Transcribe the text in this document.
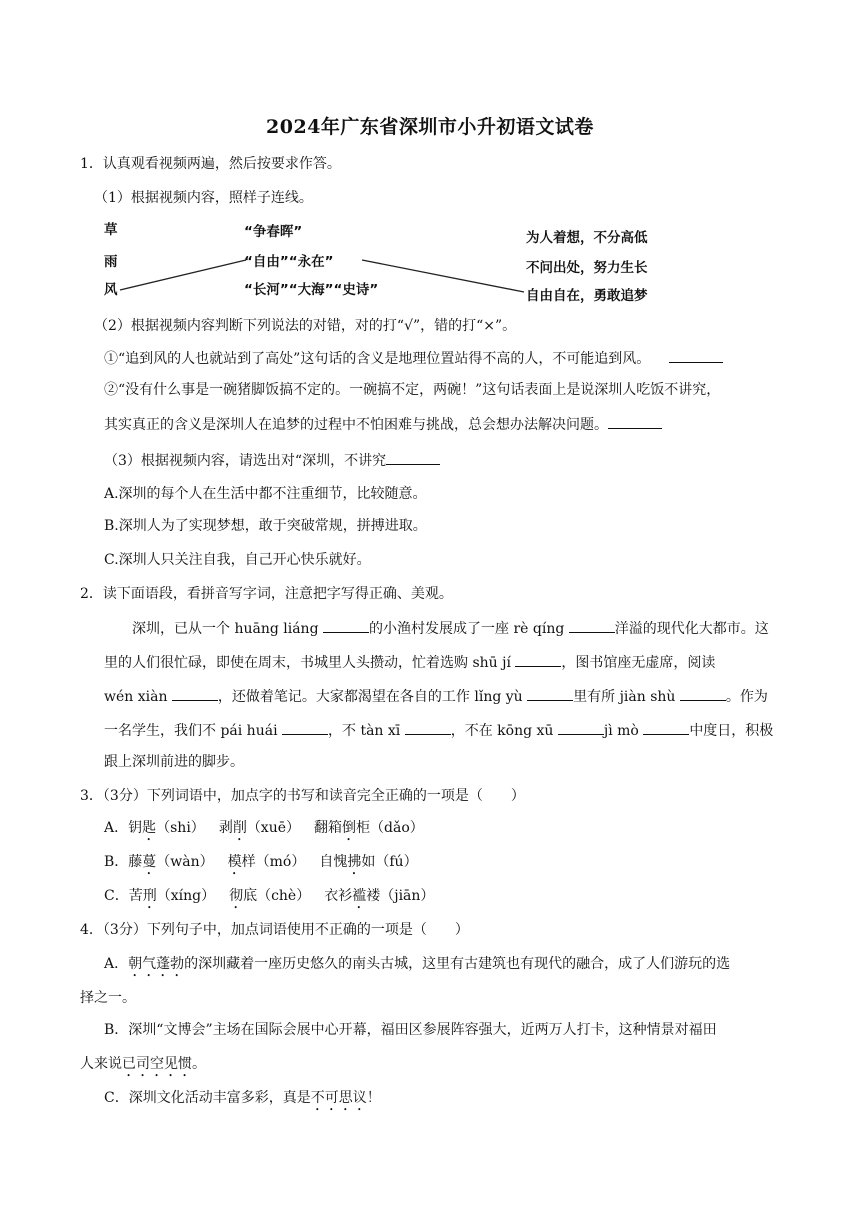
2024年广东省深圳市小升初语文试卷
1．认真观看视频两遍，然后按要求作答。
（1）根据视频内容，照样子连线。
草
雨
风
“争春晖”
“自由”“永在”
“长河”“大海”“史诗”
为人着想，不分高低
不问出处，努力生长
自由自在，勇敢追梦
（2）根据视频内容判断下列说法的对错，对的打“√”，错的打“×”。
①“追到风的人也就站到了高处”这句话的含义是地理位置站得不高的人，不可能追到风。
②“没有什么事是一碗猪脚饭搞不定的。一碗搞不定，两碗！”这句话表面上是说深圳人吃饭不讲究，
其实真正的含义是深圳人在追梦的过程中不怕困难与挑战，总会想办法解决问题。
（3）根据视频内容，请选出对“深圳，不讲究
A.深圳的每个人在生活中都不注重细节，比较随意。
B.深圳人为了实现梦想，敢于突破常规，拼搏进取。
C.深圳人只关注自我，自己开心快乐就好。
2．读下面语段，看拼音写字词，注意把字写得正确、美观。
深圳，已从一个 huāng liáng	的小渔村发展成了一座 rè qíng	洋溢的现代化大都市。这
里的人们很忙碌，即使在周末，书城里人头攒动，忙着选购 shū jí	，图书馆座无虚席，阅读
wén xiàn	，还做着笔记。大家都渴望在各自的工作 lǐng yù	里有所 jiàn shù	。作为
一名学生，我们不 pái huái	，不 tàn xī	，不在 kōng xū	jì mò	中度日，积极
跟上深圳前进的脚步。
3．（3分）下列词语中，加点字的书写和读音完全正确的一项是（　　）
A．钥匙（shi） 剥削（xuē） 翻箱倒柜（dǎo）
B．藤蔓（wàn） 模样（mó） 自愧拂如（fú）
C．苦刑（xíng） 彻底（chè） 衣衫褴褛（jiān）
4．（3分）下列句子中，加点词语使用不正确的一项是（　　）
A．朝气蓬勃的深圳藏着一座历史悠久的南头古城，这里有古建筑也有现代的融合，成了人们游玩的选
择之一。
B．深圳“文博会”主场在国际会展中心开幕，福田区参展阵容强大，近两万人打卡，这种情景对福田
人来说已司空见惯。
C．深圳文化活动丰富多彩，真是不可思议！
